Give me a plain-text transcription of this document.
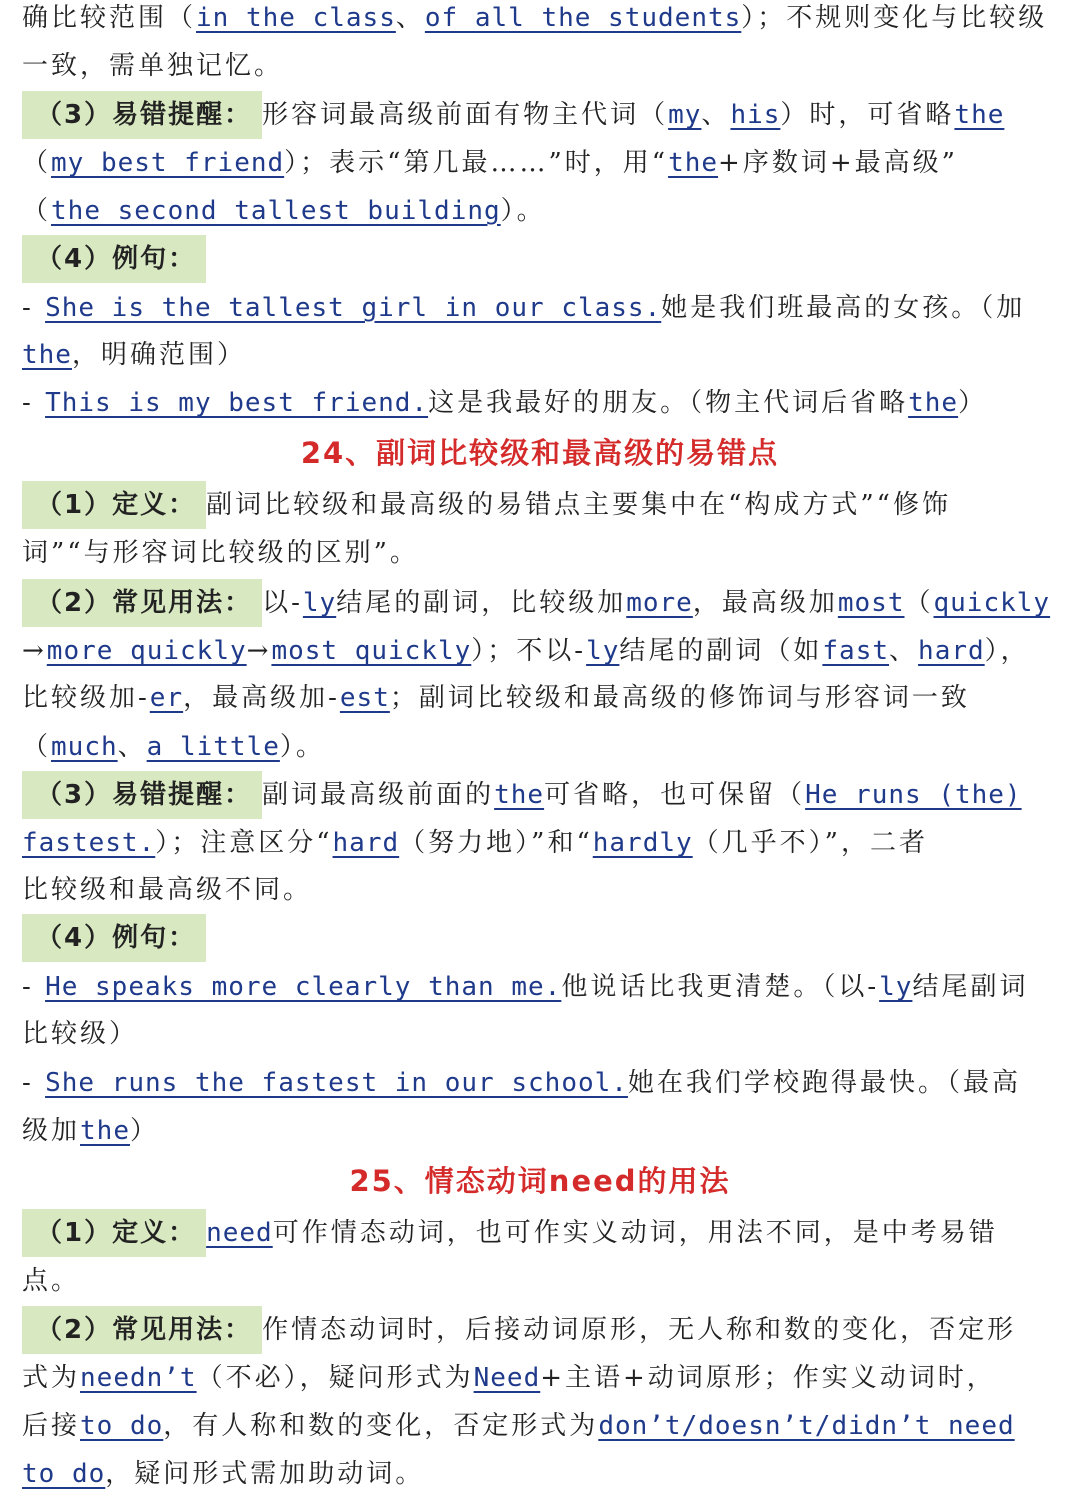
确比较范围（in the class、of all the students）；不规则变化与比较级
一致，需单独记忆。
（3）易错提醒： 形容词最高级前面有物主代词（my、his）时，可省略the
（my best friend）；表示“第几最……”时，用“the+序数词+最高级”
（the second tallest building）。
（4）例句：
- She is the tallest girl in our class.她是我们班最高的女孩。（加
the，明确范围）
- This is my best friend.这是我最好的朋友。（物主代词后省略the）
24、副词比较级和最高级的易错点
（1）定义： 副词比较级和最高级的易错点主要集中在“构成方式”“修饰
词”“与形容词比较级的区别”。
（2）常见用法： 以-ly结尾的副词，比较级加more，最高级加most（quickly
→more quickly→most quickly）；不以-ly结尾的副词（如fast、hard），
比较级加-er，最高级加-est；副词比较级和最高级的修饰词与形容词一致
（much、a little）。
（3）易错提醒： 副词最高级前面的the可省略，也可保留（He runs (the)
fastest.）；注意区分“hard（努力地）”和“hardly（几乎不）”，二者
比较级和最高级不同。
（4）例句：
- He speaks more clearly than me.他说话比我更清楚。（以-ly结尾副词
比较级）
- She runs the fastest in our school.她在我们学校跑得最快。（最高
级加the）
25、情态动词need的用法
（1）定义： need可作情态动词，也可作实义动词，用法不同，是中考易错
点。
（2）常见用法： 作情态动词时，后接动词原形，无人称和数的变化，否定形
式为needn’t（不必），疑问形式为Need+主语+动词原形；作实义动词时，
后接to do，有人称和数的变化，否定形式为don’t/doesn’t/didn’t need
to do，疑问形式需加助动词。
